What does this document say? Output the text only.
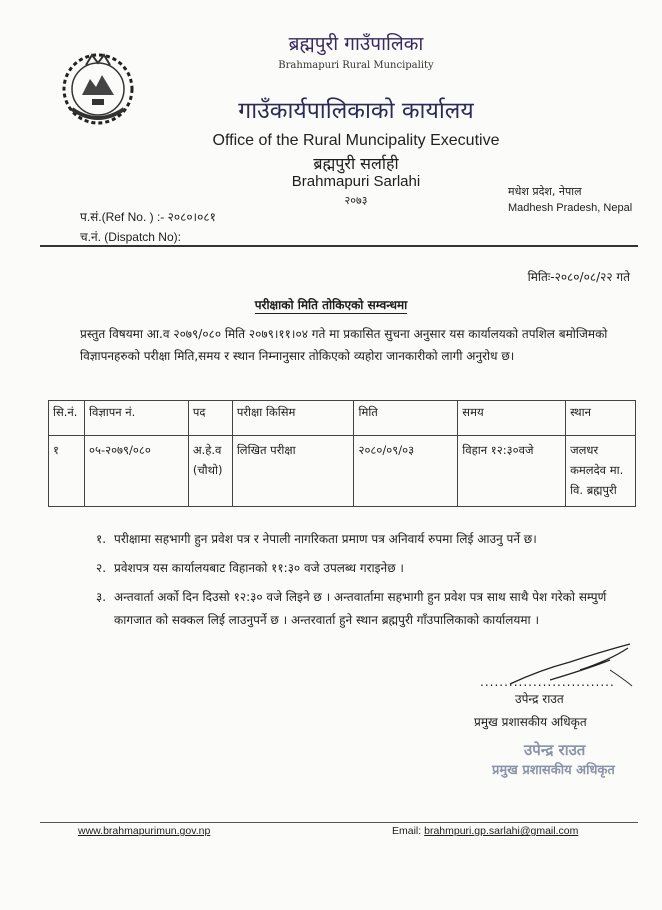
ब्रह्मपुरी गाउँपालिका
Brahmapuri Rural Muncipality
गाउँकार्यपालिकाको कार्यालय
Office of the Rural Muncipality Executive
ब्रह्मपुरी सर्लाही
Brahmapuri Sarlahi
२०७३
मधेश प्रदेश, नेपाल
Madhesh Pradesh, Nepal
प.सं.(Ref No. ) :- २०८०।०८१
च.नं. (Dispatch No):
मितिः-२०८०/०८/२२ गते
परीक्षाको मिति तोकिएको सम्वन्धमा
प्रस्तुत विषयमा आ.व २०७९/०८० मिति २०७९।११।०४ गते मा प्रकासित सुचना अनुसार यस कार्यालयको तपशिल बमोजिमको विज्ञापनहरुको परीक्षा मिति,समय र स्थान निम्नानुसार तोकिएको व्यहोरा जानकारीको लागी अनुरोध छ।
सि.नं.	विज्ञापन नं.	पद	परीक्षा किसिम	मिति	समय	स्थान
१	०५-२०७९/०८०	अ.हे.व (चौथो)	लिखित परीक्षा	२०८०/०९/०३	विहान १२:३०वजे	जलधर कमलदेव मा. वि. ब्रह्मपुरी
१. परीक्षामा सहभागी हुन प्रवेश पत्र र नेपाली नागरिकता प्रमाण पत्र अनिवार्य रुपमा लिई आउनु पर्ने छ।
२. प्रवेशपत्र यस कार्यालयबाट विहानको ११:३० वजे उपलब्ध गराइनेछ ।
३. अन्तवार्ता अर्को दिन दिउसो १२:३० वजे लिइने छ । अन्तवार्तामा सहभागी हुन प्रवेश पत्र साथ साथै पेश गरेको सम्पुर्ण कागजात को सक्कल लिई लाउनुपर्ने छ । अन्तरवार्ता हुने स्थान ब्रह्मपुरी गाँउपालिकाको कार्यालयमा ।
............................
उपेन्द्र राउत
प्रमुख प्रशासकीय अधिकृत
उपेन्द्र राउत
प्रमुख प्रशासकीय अधिकृत
www.brahmapurimun.gov.np	Email: brahmpuri.gp.sarlahi@gmail.com
